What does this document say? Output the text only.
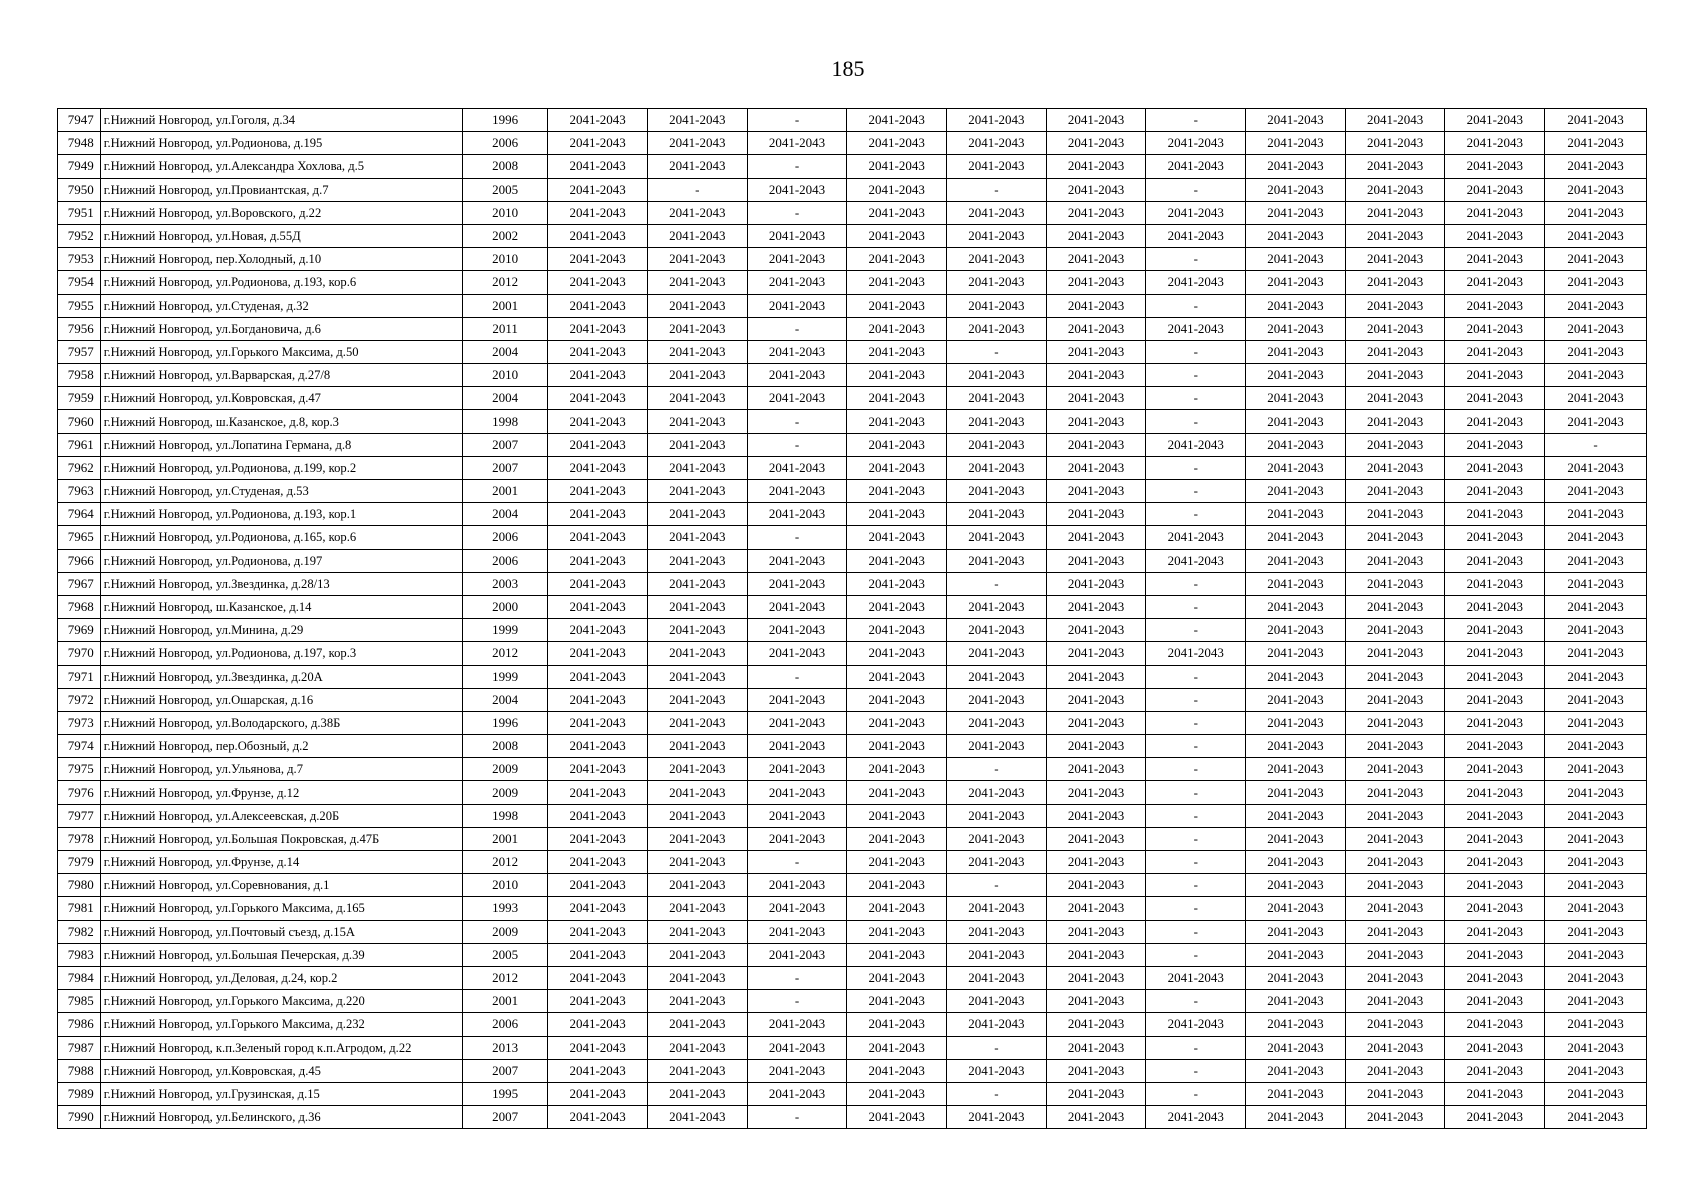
185
7947	г.Нижний Новгород, ул.Гоголя, д.34	1996	2041-2043	2041-2043	-	2041-2043	2041-2043	2041-2043	-	2041-2043	2041-2043	2041-2043	2041-2043
7948	г.Нижний Новгород, ул.Родионова, д.195	2006	2041-2043	2041-2043	2041-2043	2041-2043	2041-2043	2041-2043	2041-2043	2041-2043	2041-2043	2041-2043	2041-2043
7949	г.Нижний Новгород, ул.Александра Хохлова, д.5	2008	2041-2043	2041-2043	-	2041-2043	2041-2043	2041-2043	2041-2043	2041-2043	2041-2043	2041-2043	2041-2043
7950	г.Нижний Новгород, ул.Провиантская, д.7	2005	2041-2043	-	2041-2043	2041-2043	-	2041-2043	-	2041-2043	2041-2043	2041-2043	2041-2043
7951	г.Нижний Новгород, ул.Воровского, д.22	2010	2041-2043	2041-2043	-	2041-2043	2041-2043	2041-2043	2041-2043	2041-2043	2041-2043	2041-2043	2041-2043
7952	г.Нижний Новгород, ул.Новая, д.55Д	2002	2041-2043	2041-2043	2041-2043	2041-2043	2041-2043	2041-2043	2041-2043	2041-2043	2041-2043	2041-2043	2041-2043
7953	г.Нижний Новгород, пер.Холодный, д.10	2010	2041-2043	2041-2043	2041-2043	2041-2043	2041-2043	2041-2043	-	2041-2043	2041-2043	2041-2043	2041-2043
7954	г.Нижний Новгород, ул.Родионова, д.193, кор.6	2012	2041-2043	2041-2043	2041-2043	2041-2043	2041-2043	2041-2043	2041-2043	2041-2043	2041-2043	2041-2043	2041-2043
7955	г.Нижний Новгород, ул.Студеная, д.32	2001	2041-2043	2041-2043	2041-2043	2041-2043	2041-2043	2041-2043	-	2041-2043	2041-2043	2041-2043	2041-2043
7956	г.Нижний Новгород, ул.Богдановича, д.6	2011	2041-2043	2041-2043	-	2041-2043	2041-2043	2041-2043	2041-2043	2041-2043	2041-2043	2041-2043	2041-2043
7957	г.Нижний Новгород, ул.Горького Максима, д.50	2004	2041-2043	2041-2043	2041-2043	2041-2043	-	2041-2043	-	2041-2043	2041-2043	2041-2043	2041-2043
7958	г.Нижний Новгород, ул.Варварская, д.27/8	2010	2041-2043	2041-2043	2041-2043	2041-2043	2041-2043	2041-2043	-	2041-2043	2041-2043	2041-2043	2041-2043
7959	г.Нижний Новгород, ул.Ковровская, д.47	2004	2041-2043	2041-2043	2041-2043	2041-2043	2041-2043	2041-2043	-	2041-2043	2041-2043	2041-2043	2041-2043
7960	г.Нижний Новгород, ш.Казанское, д.8, кор.3	1998	2041-2043	2041-2043	-	2041-2043	2041-2043	2041-2043	-	2041-2043	2041-2043	2041-2043	2041-2043
7961	г.Нижний Новгород, ул.Лопатина Германа, д.8	2007	2041-2043	2041-2043	-	2041-2043	2041-2043	2041-2043	2041-2043	2041-2043	2041-2043	2041-2043	-
7962	г.Нижний Новгород, ул.Родионова, д.199, кор.2	2007	2041-2043	2041-2043	2041-2043	2041-2043	2041-2043	2041-2043	-	2041-2043	2041-2043	2041-2043	2041-2043
7963	г.Нижний Новгород, ул.Студеная, д.53	2001	2041-2043	2041-2043	2041-2043	2041-2043	2041-2043	2041-2043	-	2041-2043	2041-2043	2041-2043	2041-2043
7964	г.Нижний Новгород, ул.Родионова, д.193, кор.1	2004	2041-2043	2041-2043	2041-2043	2041-2043	2041-2043	2041-2043	-	2041-2043	2041-2043	2041-2043	2041-2043
7965	г.Нижний Новгород, ул.Родионова, д.165, кор.6	2006	2041-2043	2041-2043	-	2041-2043	2041-2043	2041-2043	2041-2043	2041-2043	2041-2043	2041-2043	2041-2043
7966	г.Нижний Новгород, ул.Родионова, д.197	2006	2041-2043	2041-2043	2041-2043	2041-2043	2041-2043	2041-2043	2041-2043	2041-2043	2041-2043	2041-2043	2041-2043
7967	г.Нижний Новгород, ул.Звездинка, д.28/13	2003	2041-2043	2041-2043	2041-2043	2041-2043	-	2041-2043	-	2041-2043	2041-2043	2041-2043	2041-2043
7968	г.Нижний Новгород, ш.Казанское, д.14	2000	2041-2043	2041-2043	2041-2043	2041-2043	2041-2043	2041-2043	-	2041-2043	2041-2043	2041-2043	2041-2043
7969	г.Нижний Новгород, ул.Минина, д.29	1999	2041-2043	2041-2043	2041-2043	2041-2043	2041-2043	2041-2043	-	2041-2043	2041-2043	2041-2043	2041-2043
7970	г.Нижний Новгород, ул.Родионова, д.197, кор.3	2012	2041-2043	2041-2043	2041-2043	2041-2043	2041-2043	2041-2043	2041-2043	2041-2043	2041-2043	2041-2043	2041-2043
7971	г.Нижний Новгород, ул.Звездинка, д.20А	1999	2041-2043	2041-2043	-	2041-2043	2041-2043	2041-2043	-	2041-2043	2041-2043	2041-2043	2041-2043
7972	г.Нижний Новгород, ул.Ошарская, д.16	2004	2041-2043	2041-2043	2041-2043	2041-2043	2041-2043	2041-2043	-	2041-2043	2041-2043	2041-2043	2041-2043
7973	г.Нижний Новгород, ул.Володарского, д.38Б	1996	2041-2043	2041-2043	2041-2043	2041-2043	2041-2043	2041-2043	-	2041-2043	2041-2043	2041-2043	2041-2043
7974	г.Нижний Новгород, пер.Обозный, д.2	2008	2041-2043	2041-2043	2041-2043	2041-2043	2041-2043	2041-2043	-	2041-2043	2041-2043	2041-2043	2041-2043
7975	г.Нижний Новгород, ул.Ульянова, д.7	2009	2041-2043	2041-2043	2041-2043	2041-2043	-	2041-2043	-	2041-2043	2041-2043	2041-2043	2041-2043
7976	г.Нижний Новгород, ул.Фрунзе, д.12	2009	2041-2043	2041-2043	2041-2043	2041-2043	2041-2043	2041-2043	-	2041-2043	2041-2043	2041-2043	2041-2043
7977	г.Нижний Новгород, ул.Алексеевская, д.20Б	1998	2041-2043	2041-2043	2041-2043	2041-2043	2041-2043	2041-2043	-	2041-2043	2041-2043	2041-2043	2041-2043
7978	г.Нижний Новгород, ул.Большая Покровская, д.47Б	2001	2041-2043	2041-2043	2041-2043	2041-2043	2041-2043	2041-2043	-	2041-2043	2041-2043	2041-2043	2041-2043
7979	г.Нижний Новгород, ул.Фрунзе, д.14	2012	2041-2043	2041-2043	-	2041-2043	2041-2043	2041-2043	-	2041-2043	2041-2043	2041-2043	2041-2043
7980	г.Нижний Новгород, ул.Соревнования, д.1	2010	2041-2043	2041-2043	2041-2043	2041-2043	-	2041-2043	-	2041-2043	2041-2043	2041-2043	2041-2043
7981	г.Нижний Новгород, ул.Горького Максима, д.165	1993	2041-2043	2041-2043	2041-2043	2041-2043	2041-2043	2041-2043	-	2041-2043	2041-2043	2041-2043	2041-2043
7982	г.Нижний Новгород, ул.Почтовый съезд, д.15А	2009	2041-2043	2041-2043	2041-2043	2041-2043	2041-2043	2041-2043	-	2041-2043	2041-2043	2041-2043	2041-2043
7983	г.Нижний Новгород, ул.Большая Печерская, д.39	2005	2041-2043	2041-2043	2041-2043	2041-2043	2041-2043	2041-2043	-	2041-2043	2041-2043	2041-2043	2041-2043
7984	г.Нижний Новгород, ул.Деловая, д.24, кор.2	2012	2041-2043	2041-2043	-	2041-2043	2041-2043	2041-2043	2041-2043	2041-2043	2041-2043	2041-2043	2041-2043
7985	г.Нижний Новгород, ул.Горького Максима, д.220	2001	2041-2043	2041-2043	-	2041-2043	2041-2043	2041-2043	-	2041-2043	2041-2043	2041-2043	2041-2043
7986	г.Нижний Новгород, ул.Горького Максима, д.232	2006	2041-2043	2041-2043	2041-2043	2041-2043	2041-2043	2041-2043	2041-2043	2041-2043	2041-2043	2041-2043	2041-2043
7987	г.Нижний Новгород, к.п.Зеленый город к.п.Агродом, д.22	2013	2041-2043	2041-2043	2041-2043	2041-2043	-	2041-2043	-	2041-2043	2041-2043	2041-2043	2041-2043
7988	г.Нижний Новгород, ул.Ковровская, д.45	2007	2041-2043	2041-2043	2041-2043	2041-2043	2041-2043	2041-2043	-	2041-2043	2041-2043	2041-2043	2041-2043
7989	г.Нижний Новгород, ул.Грузинская, д.15	1995	2041-2043	2041-2043	2041-2043	2041-2043	-	2041-2043	-	2041-2043	2041-2043	2041-2043	2041-2043
7990	г.Нижний Новгород, ул.Белинского, д.36	2007	2041-2043	2041-2043	-	2041-2043	2041-2043	2041-2043	2041-2043	2041-2043	2041-2043	2041-2043	2041-2043
